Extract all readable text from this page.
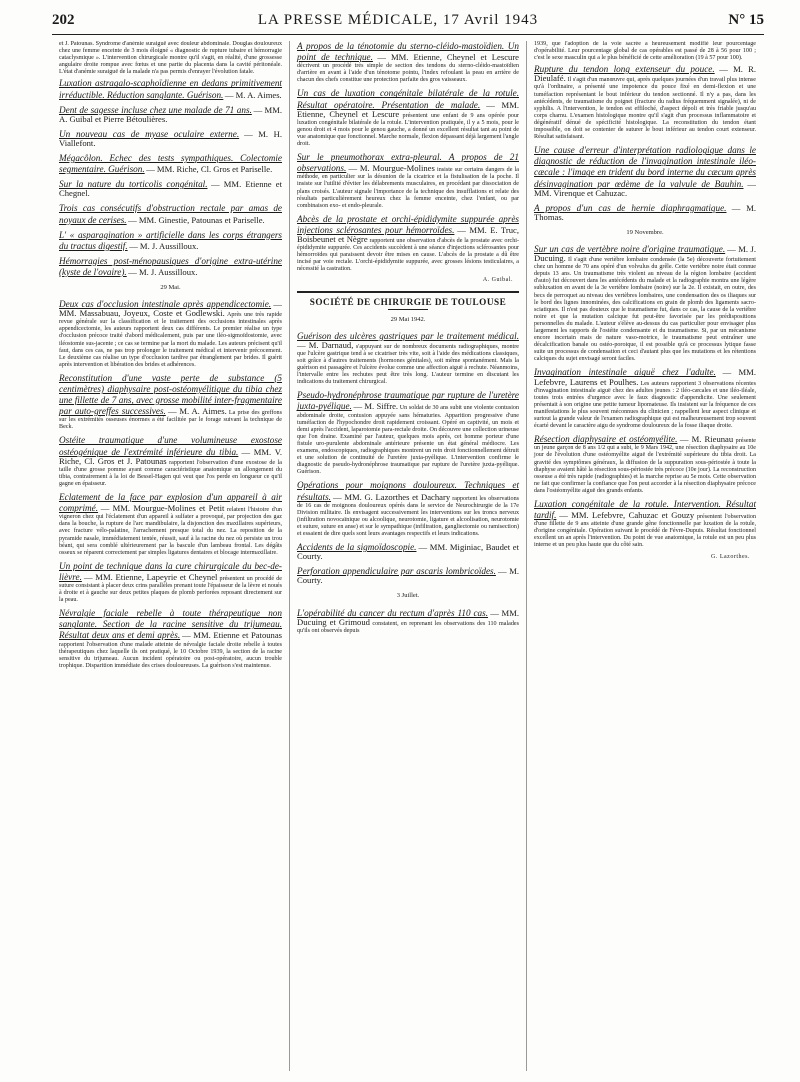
202	LA PRESSE MÉDICALE, 17 Avril 1943	N° 15

et J. Patounas. Syndrome d'anémie suraiguë avec douleur abdominale. Douglas douloureux chez une femme enceinte de 3 mois éloigné « diagnostic de rupture tubaire et hémorragie cataclysmique ». L'intervention chirurgicale montre qu'il s'agit, en réalité, d'une grossesse angulaire droite rompue avec fœtus et une partie du placenta dans la cavité péritonéale. L'état d'anémie suraiguë de la malade n'a pas permis d'enrayer l'évolution fatale.

Luxation astragalo-scaphoïdienne en dedans primitivement irréductible. Réduction sanglante. Guérison. — M. A. Aimes.
Dent de sagesse incluse chez une malade de 71 ans. — MM. A. Guibal et Pierre Bétoulières.
Un nouveau cas de myase oculaire externe. — M. H. Viallefont.
Mégacôlon. Echec des tests sympathiques. Colectomie segmentaire. Guérison. — MM. Riche, Cl. Gros et Pariselle.
Sur la nature du torticolis congénital. — MM. Etienne et Chegnel.
Trois cas consécutifs d'obstruction rectale par amas de noyaux de cerises. — MM. Ginestie, Patounas et Pariselle.
L' « asparagination » artificielle dans les corps étrangers du tractus digestif. — M. J. Aussilloux.
Hémorragies post-ménopausiques d'origine extra-utérine (kyste de l'ovaire). — M. J. Aussilloux.
29 Mai.
Deux cas d'occlusion intestinale après appendicectomie. — MM. Massabuau, Joyeux, Coste et Godlewski. Après une très rapide revue générale sur la classification et le traitement des occlusions intestinales après appendicectomie, les auteurs rapportent deux cas différents. Le premier réalise un type d'occlusion précoce traité d'abord médicalement, puis par une iléo-sigmoïdostomie, avec iléostomie sus-jacente ; ce cas se termine par la mort du malade. Les auteurs précisent qu'il faut, dans ces cas, ne pas trop prolonger le traitement médical et intervenir précocement. Le deuxième cas réalise un type d'occlusion tardive par étranglement par brides. Il guérit après intervention et libération des brides et adhérences.
Reconstitution d'une vaste perte de substance (5 centimètres) diaphysaire post-ostéomyélitique du tibia chez une fillette de 7 ans, avec grosse mobilité inter-fragmentaire par auto-greffes successives. — M. A. Aimes. La prise des greffons sur les extrémités osseuses énormes a été facilitée par le forage suivant la technique de Beck.
Ostéite traumatique d'une volumineuse exostose ostéogénique de l'extrémité inférieure du tibia. — MM. V. Riche, Cl. Gros et J. Patounas rapportent l'observation d'une exostose de la taille d'une grosse pomme ayant comme caractéristique anatomique un allongement du tibia, contrairement à la loi de Bessel-Hagen qui veut que l'os perde en longueur ce qu'il gagne en épaisseur.
Eclatement de la face par explosion d'un appareil à air comprimé. — MM. Mourgue-Molines et Petit relatent l'histoire d'un vigneron chez qui l'éclatement d'un appareil à sulfater a provoqué, par projection des gaz dans la bouche, la rupture de l'arc mandibulaire, la disjonction des maxillaires supérieurs, avec fracture vélo-palatine, l'arrachement presque total du nez. La reposition de la pyramide nasale, immédiatement tentée, réussit, sauf à la racine du nez où persiste un trou béant, qui sera comblé ultérieurement par la bascule d'un lambeau frontal. Les dégâts osseux se réparent correctement par simples ligatures dentaires et blocage intermaxillaire.
Un point de technique dans la cure chirurgicale du bec-de-lièvre. — MM. Etienne, Lapeyrie et Cheynel présentent un procédé de suture consistant à placer deux crins parallèles prenant toute l'épaisseur de la lèvre et noués à droite et à gauche sur deux petites plaques de plomb perforées reposant directement sur la peau.
Névralgie faciale rebelle à toute thérapeutique non sanglante. Section de la racine sensitive du trijumeau. Résultat deux ans et demi après. — MM. Etienne et Patounas rapportent l'observation d'une malade atteinte de névralgie faciale droite rebelle à toutes thérapeutiques chez laquelle ils ont pratiqué, le 10 Octobre 1939, la section de la racine sensitive du trijumeau. Aucun incident opératoire ou post-opératoire, aucun trouble trophique. Disparition immédiate des crises douloureuses. La guérison s'est maintenue.
A propos de la ténotomie du sterno-cléido-mastoïdien. Un point de technique. — MM. Etienne, Cheynel et Lescure décrivent un procédé très simple de section des tendons du sterno-cléido-mastoïdien d'arrière en avant à l'aide d'un ténotome pointu, l'index refoulant la peau en arrière de chacun des chefs constitue une protection parfaite des gros vaisseaux.
Un cas de luxation congénitale bilatérale de la rotule. Résultat opératoire. Présentation de malade. — MM. Etienne, Cheynel et Lescure présentent une enfant de 9 ans opérée pour luxation congénitale bilatérale de la rotule. L'intervention pratiquée, il y a 5 mois, pour le genou droit et 4 mois pour le genou gauche, a donné un excellent résultat tant au point de vue anatomique que fonctionnel. Marche normale, flexion dépassant déjà largement l'angle droit.
Sur le pneumothorax extra-pleural. A propos de 21 observations. — M. Mourgue-Molines insiste sur certains dangers de la méthode, en particulier sur la désunion de la cicatrice et la fistulisation de la poche. Il insiste sur l'utilité d'éviter les délabrements musculaires, en procédant par dissociation de plans croisés. L'auteur signale l'importance de la technique des insufflations et relate des résultats particulièrement heureux chez la femme enceinte, chez l'enfant, ou par combinaison exo- et endo-pleurale.
Abcès de la prostate et orchi-épididymite suppurée après injections sclérosantes pour hémorroïdes. — MM. E. Truc, Boisbeunet et Nègre rapportent une observation d'abcès de la prostate avec orchi-épididymite suppurée. Ces accidents succèdent à une séance d'injections sclérosantes pour hémorroïdes qui paraissent devoir être mises en cause. L'abcès de la prostate a dû être incisé par voie rectale. L'orchi-épididymite suppurée, avec grosses lésions testiculaires, a nécessité la castration.
A. Guibal.
SOCIÉTÉ DE CHIRURGIE DE TOULOUSE
29 Mai 1942.
Guérison des ulcères gastriques par le traitement médical. — M. Darnaud, s'appuyant sur de nombreux documents radiographiques, montre que l'ulcère gastrique tend à se cicatriser très vite, soit à l'aide des médications classiques, soit grâce à d'autres traitements (hormones génitales), soit même spontanément. Mais la guérison est passagère et l'ulcère évolue comme une affection aiguë à rechute. Néanmoins, l'intervalle entre les rechutes peut être très long. L'auteur termine en discutant les indications du traitement chirurgical.
Pseudo-hydronéphrose traumatique par rupture de l'uretère juxta-pyélique. — M. Siffre. Un soldat de 30 ans subit une violente contusion abdominale droite, contusion appuyée sans hématuries. Apparition progressive d'une tuméfaction de l'hypochondre droit rapidement croissant. Opéré en captivité, un mois et demi après l'accident, laparotomie para-rectale droite. On découvre une collection urineuse que l'on draine. Examiné par l'auteur, quelques mois après, cet homme porteur d'une fistule uro-purulente abdominale antérieure présente un état général médiocre. Les examens, endoscopiques, radiographiques montrent un rein droit fonctionnellement détruit et une solution de continuité de l'uretère juxta-pyélique. L'intervention confirme le diagnostic de pseudo-hydronéphrose traumatique par rupture de l'uretère juxta-pyélique. Guérison.
Opérations pour moignons douloureux. Techniques et résultats. — MM. G. Lazorthes et Dachary rapportent les observations de 16 cas de moignons douloureux opérés dans le service de Neurochirurgie de la 17e Division militaire. Ils envisagent successivement les interventions sur les troncs nerveux (infiltration novocaïnique ou alcoolique, neurotomie, ligature et alcoolisation, neurotomie et suture, suture en anse) et sur le sympathique (infiltration, gangliectomie ou ramisection) et essaient de dire quels sont leurs avantages respectifs et leurs indications.
Accidents de la sigmoïdoscopie. — MM. Miginiac, Baudet et Courty.
Perforation appendiculaire par ascaris lombricoïdes. — M. Courty.
3 Juillet.
L'opérabilité du cancer du rectum d'après 110 cas. — MM. Ducuing et Grimoud constatent, en reprenant les observations des 110 malades qu'ils ont observés depuis

1939, que l'adoption de la voie sacrée a heureusement modifié leur pourcentage d'opérabilité. Leur pourcentage global de cas opérables est passé de 28 à 56 pour 100 ; c'est le sexe masculin qui a le plus bénéficié de cette amélioration (19 à 57 pour 100).

Rupture du tendon long extenseur du pouce. — M. R. Dieulafé. Il s'agit d'un manœuvre qui, après quelques journées d'un travail plus intense qu'à l'ordinaire, a présenté une impotence du pouce fixé en demi-flexion et une tuméfaction représentant le bout inférieur du tendon sectionné. Il n'y a pas, dans les antécédents, de traumatisme du poignet (fracture du radius fréquemment signalée), ni de syphilis. A l'intervention, le tendon est effiloché, d'aspect dépoli et très friable jusqu'au corps charnu. L'examen histologique montre qu'il s'agit d'un processus inflammatoire et dégénératif dénué de spécificité histologique. La reconstitution du tendon étant impossible, on doit se contenter de suturer le bout inférieur au tendon court extenseur. Résultat satisfaisant.
Une cause d'erreur d'interprétation radiologique dans le diagnostic de réduction de l'invagination intestinale iléo-cæcale : l'image en trident du bord interne du cæcum après désinvagination par œdème de la valvule de Bauhin. — MM. Virenque et Cahuzac.
A propos d'un cas de hernie diaphragmatique. — M. Thomas.
19 Novembre.
Sur un cas de vertèbre noire d'origine traumatique. — M. J. Ducuing. Il s'agit d'une vertèbre lombaire condensée (la 5e) découverte fortuitement chez un homme de 70 ans opéré d'un volvulus du grêle. Cette vertèbre noire était connue depuis 13 ans. Un traumatisme très violent au niveau de la région lombaire (accident d'auto) fut découvert dans les antécédents du malade et la radiographie montra une légère subluxation en avant de la 3e vertèbre lombaire (noire) sur la 2e. Il existait, en outre, des becs de perroquet au niveau des vertèbres lombaires, une condensation des os iliaques sur le bord des lignes innominées, des calcifications en grain de plomb des ligaments sacro-sciatiques. Il n'est pas douteux que le traumatisme fut, dans ce cas, la cause de la vertèbre noire et que la mutation calcique fut peut-être favorisée par les prédispositions personnelles du malade. L'auteur s'élève au-dessus du cas particulier pour envisager plus largement les rapports de l'ostéite condensante et du traumatisme. Si, par un mécanisme encore incertain mais de nature vaso-motrice, le traumatisme peut entraîner une décalcification banale ou ostéo-poroique, il est possible qu'à ce processus lytique fasse suite un processus de condensation et ceci d'autant plus que les mutations et les rétentions calciques du sujet envisagé seront faciles.
Invagination intestinale aiguë chez l'adulte. — MM. Lefebvre, Laurens et Poulhes. Les auteurs rapportent 3 observations récentes d'invagination intestinale aiguë chez des adultes jeunes : 2 iléo-cæcales et une iléo-iléale, toutes trois entrées d'urgence avec le faux diagnostic d'appendicite. Une seulement présentait à son origine une petite tumeur lipomateuse. Ils insistent sur la fréquence de ces manifestations le plus souvent méconnues du clinicien ; rappellent leur aspect clinique et surtout la grande valeur de l'examen radiographique qui est malheureusement trop souvent écarté devant le caractère aigu de syndrome douloureux de la fosse iliaque droite.
Résection diaphysaire et ostéomyélite. — M. Rieunau présente un jeune garçon de 8 ans 1/2 qui a subi, le 9 Mars 1942, une résection diaphysaire au 10e jour de l'évolution d'une ostéomyélite aiguë de l'extrémité supérieure du tibia droit. La gravité des symptômes généraux, la diffusion de la suppuration sous-périostée à toute la diaphyse avaient hâté la résection sous-périostée très précoce (10e jour). La reconstruction osseuse a été très rapide (radiographies) et la marche reprise au 5e mois. Cette observation ne fait que confirmer la confiance que l'on peut accorder à la résection diaphysaire précoce dans l'ostéomyélite aiguë des grands enfants.
Luxation congénitale de la rotule. Intervention. Résultat tardif. — MM. Lefebvre, Cahuzac et Gouzy présentent l'observation d'une fillette de 9 ans atteinte d'une grande gêne fonctionnelle par luxation de la rotule, d'origine congénitale. Opération suivant le procédé de Févre-Dupuis. Résultat fonctionnel excellent un an après l'intervention. Du point de vue anatomique, la rotule est un peu plus interne et un peu plus haute que du côté sain.
G. Lazorthes.
